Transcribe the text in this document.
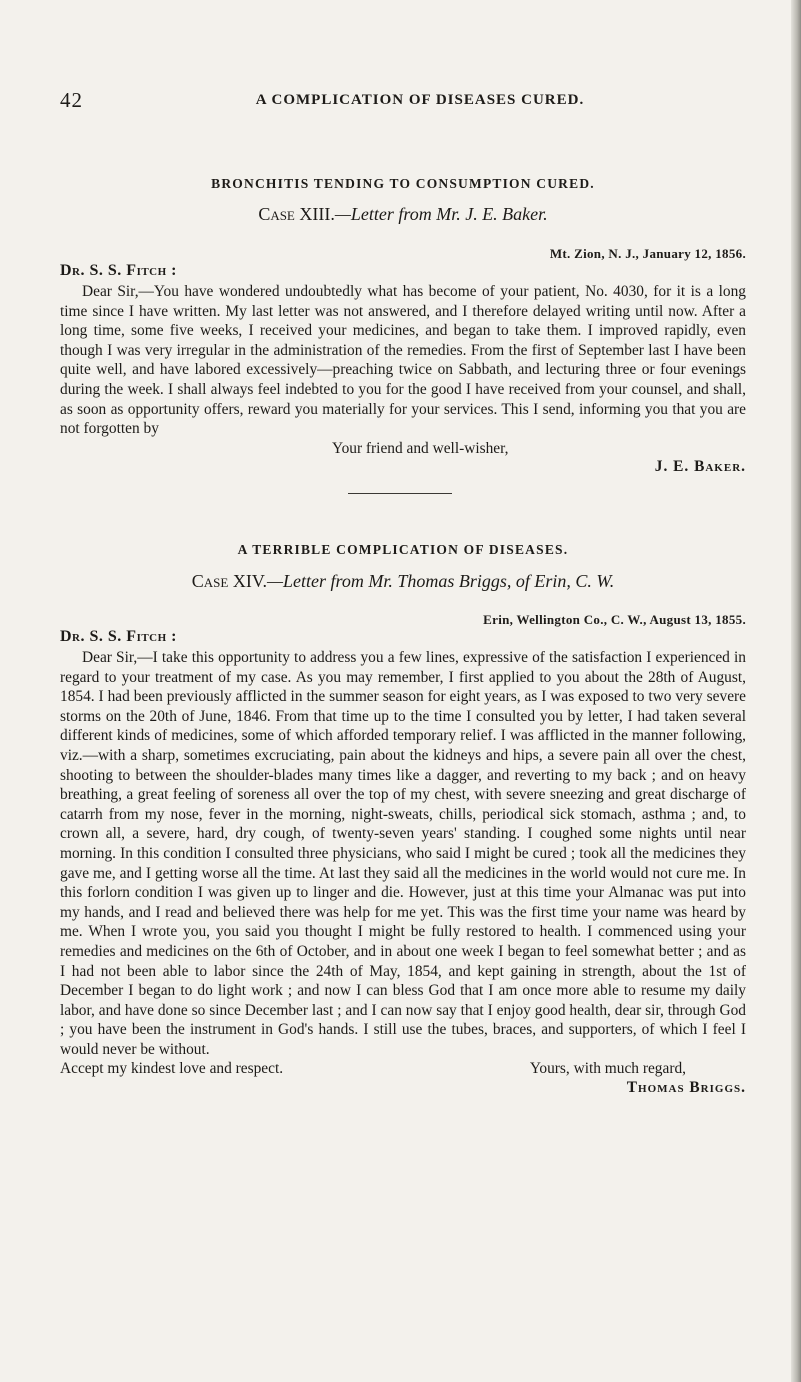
42	A COMPLICATION OF DISEASES CURED.
BRONCHITIS TENDING TO CONSUMPTION CURED.
Case XIII.—Letter from Mr. J. E. Baker.
Mt. Zion, N. J., January 12, 1856.
Dr. S. S. Fitch :

Dear Sir,—You have wondered undoubtedly what has become of your patient, No. 4030, for it is a long time since I have written. My last letter was not answered, and I therefore delayed writing until now. After a long time, some five weeks, I received your medicines, and began to take them. I improved rapidly, even though I was very irregular in the administration of the remedies. From the first of September last I have been quite well, and have labored excessively—preaching twice on Sabbath, and lecturing three or four evenings during the week. I shall always feel indebted to you for the good I have received from your counsel, and shall, as soon as opportunity offers, reward you materially for your services. This I send, informing you that you are not forgotten by

Your friend and well-wisher,
J. E. Baker.
A TERRIBLE COMPLICATION OF DISEASES.
Case XIV.—Letter from Mr. Thomas Briggs, of Erin, C. W.
Erin, Wellington Co., C. W., August 13, 1855.
Dr. S. S. Fitch :

Dear Sir,—I take this opportunity to address you a few lines, expressive of the satisfaction I experienced in regard to your treatment of my case. As you may remember, I first applied to you about the 28th of August, 1854. I had been previously afflicted in the summer season for eight years, as I was exposed to two very severe storms on the 20th of June, 1846. From that time up to the time I consulted you by letter, I had taken several different kinds of medicines, some of which afforded temporary relief. I was afflicted in the manner following, viz.—with a sharp, sometimes excruciating, pain about the kidneys and hips, a severe pain all over the chest, shooting to between the shoulder-blades many times like a dagger, and reverting to my back ; and on heavy breathing, a great feeling of soreness all over the top of my chest, with severe sneezing and great discharge of catarrh from my nose, fever in the morning, night-sweats, chills, periodical sick stomach, asthma ; and, to crown all, a severe, hard, dry cough, of twenty-seven years' standing. I coughed some nights until near morning. In this condition I consulted three physicians, who said I might be cured ; took all the medicines they gave me, and I getting worse all the time. At last they said all the medicines in the world would not cure me. In this forlorn condition I was given up to linger and die. However, just at this time your Almanac was put into my hands, and I read and believed there was help for me yet. This was the first time your name was heard by me. When I wrote you, you said you thought I might be fully restored to health. I commenced using your remedies and medicines on the 6th of October, and in about one week I began to feel somewhat better ; and as I had not been able to labor since the 24th of May, 1854, and kept gaining in strength, about the 1st of December I began to do light work ; and now I can bless God that I am once more able to resume my daily labor, and have done so since December last ; and I can now say that I enjoy good health, dear sir, through God ; you have been the instrument in God's hands. I still use the tubes, braces, and supporters, of which I feel I would never be without.

Accept my kindest love and respect.	Yours, with much regard,
Thomas Briggs.
